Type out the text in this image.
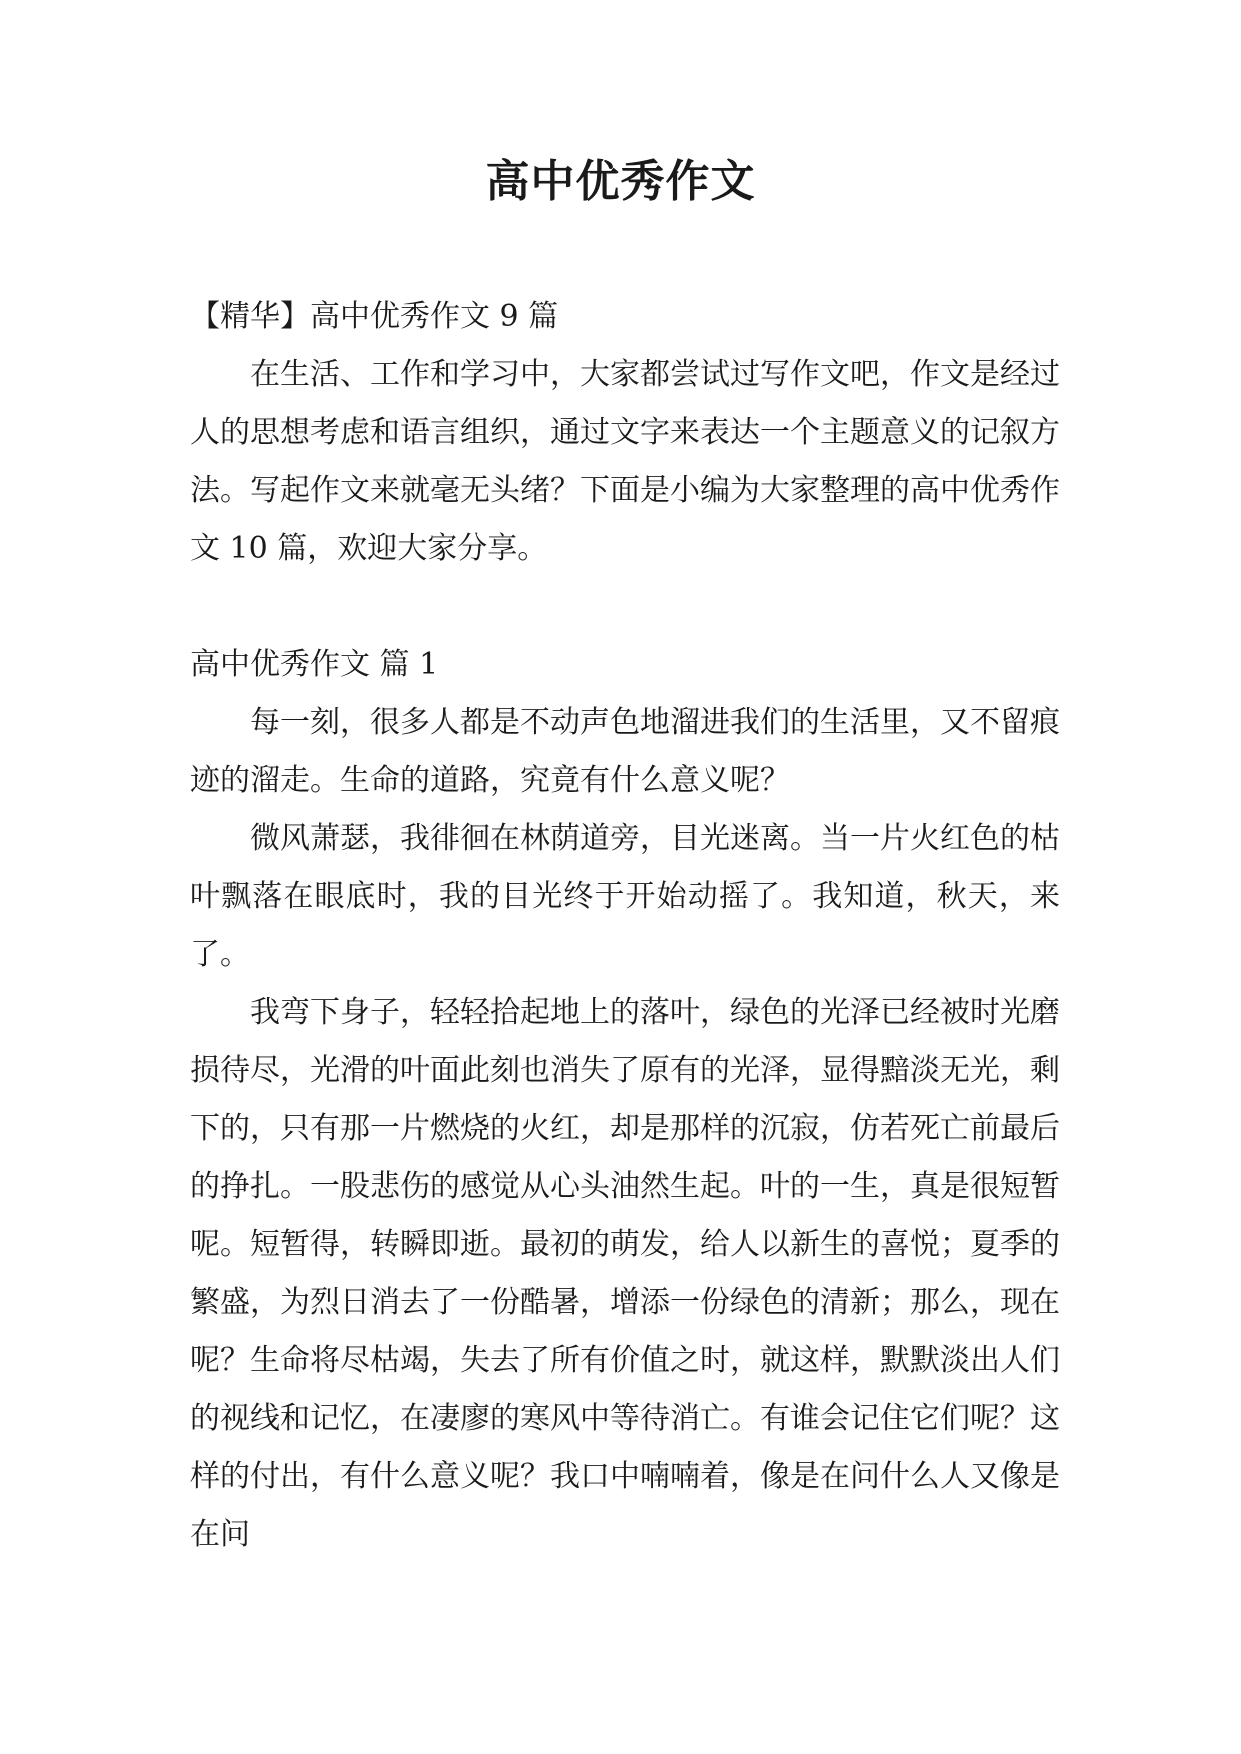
高中优秀作文

【精华】高中优秀作文 9 篇

在生活、工作和学习中，大家都尝试过写作文吧，作文是经过人的思想考虑和语言组织，通过文字来表达一个主题意义的记叙方法。写起作文来就毫无头绪？下面是小编为大家整理的高中优秀作文 10 篇，欢迎大家分享。

高中优秀作文 篇 1

每一刻，很多人都是不动声色地溜进我们的生活里，又不留痕迹的溜走。生命的道路，究竟有什么意义呢？

微风萧瑟，我徘徊在林荫道旁，目光迷离。当一片火红色的枯叶飘落在眼底时，我的目光终于开始动摇了。我知道，秋天，来了。

我弯下身子，轻轻拾起地上的落叶，绿色的光泽已经被时光磨损待尽，光滑的叶面此刻也消失了原有的光泽，显得黯淡无光，剩下的，只有那一片燃烧的火红，却是那样的沉寂，仿若死亡前最后的挣扎。一股悲伤的感觉从心头油然生起。叶的一生，真是很短暂呢。短暂得，转瞬即逝。最初的萌发，给人以新生的喜悦；夏季的繁盛，为烈日消去了一份酷暑，增添一份绿色的清新；那么，现在呢？生命将尽枯竭，失去了所有价值之时，就这样，默默淡出人们的视线和记忆，在凄廖的寒风中等待消亡。有谁会记住它们呢？这样的付出，有什么意义呢？我口中喃喃着，像是在问什么人又像是在问
